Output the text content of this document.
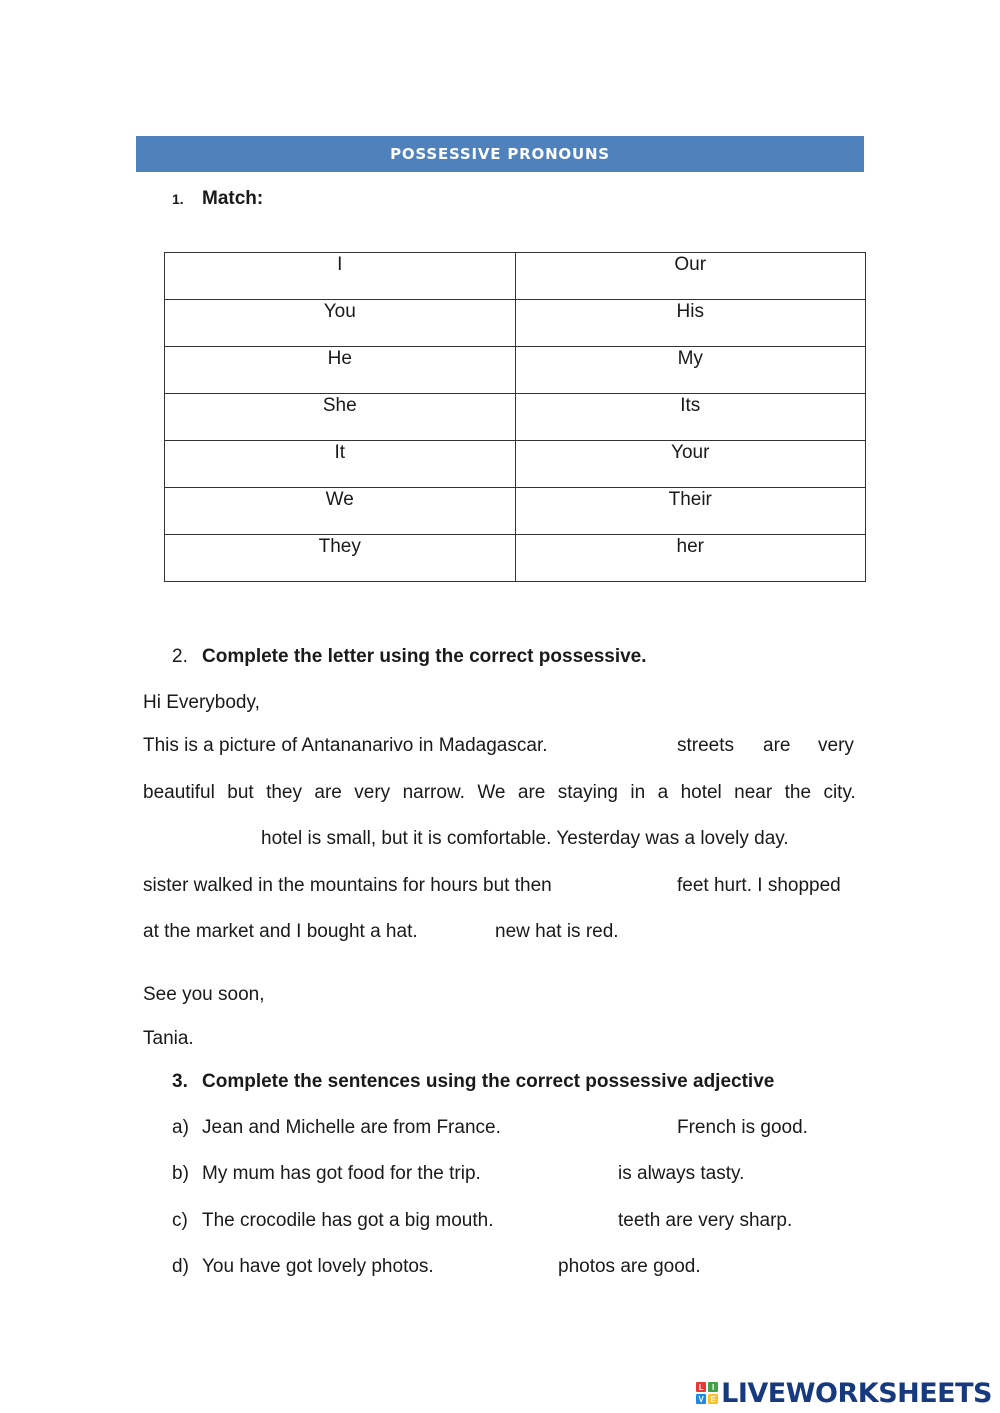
POSSESSIVE PRONOUNS
1. Match:
I	Our

You	His

He	My

She	Its

It	Your

We	Their

They	her
2. Complete the letter using the correct possessive.
Hi Everybody,
This is a picture of Antananarivo in Madagascar.	streets are very
beautiful but they are very narrow. We are staying in a hotel near the city.
hotel is small, but it is comfortable. Yesterday was a lovely day.
sister walked in the mountains for hours but then	feet hurt. I shopped
at the market and I bought a hat.	new hat is red.
See you soon,
Tania.
3. Complete the sentences using the correct possessive adjective
a) Jean and Michelle are from France.	French is good.
b) My mum has got food for the trip.	is always tasty.
c) The crocodile has got a big mouth.	teeth are very sharp.
d) You have got lovely photos.	photos are good.
L	I
V E LIVEWORKSHEETS
